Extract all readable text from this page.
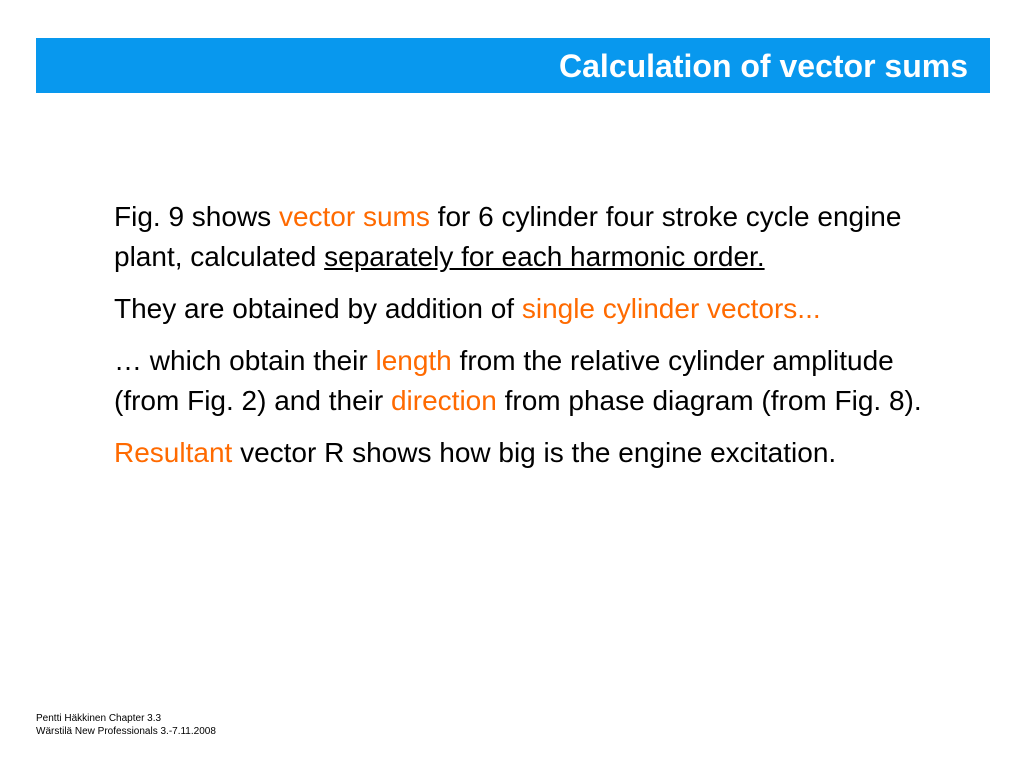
Calculation of vector sums

Fig. 9 shows vector sums for 6 cylinder four stroke cycle engine plant, calculated separately for each harmonic order.

They are obtained by addition of single cylinder vectors...

… which obtain their length from the relative cylinder amplitude (from Fig. 2) and their direction from phase diagram (from Fig. 8).

Resultant vector R shows how big is the engine excitation.

Pentti Häkkinen Chapter 3.3
Wärstilä New Professionals 3.-7.11.2008
